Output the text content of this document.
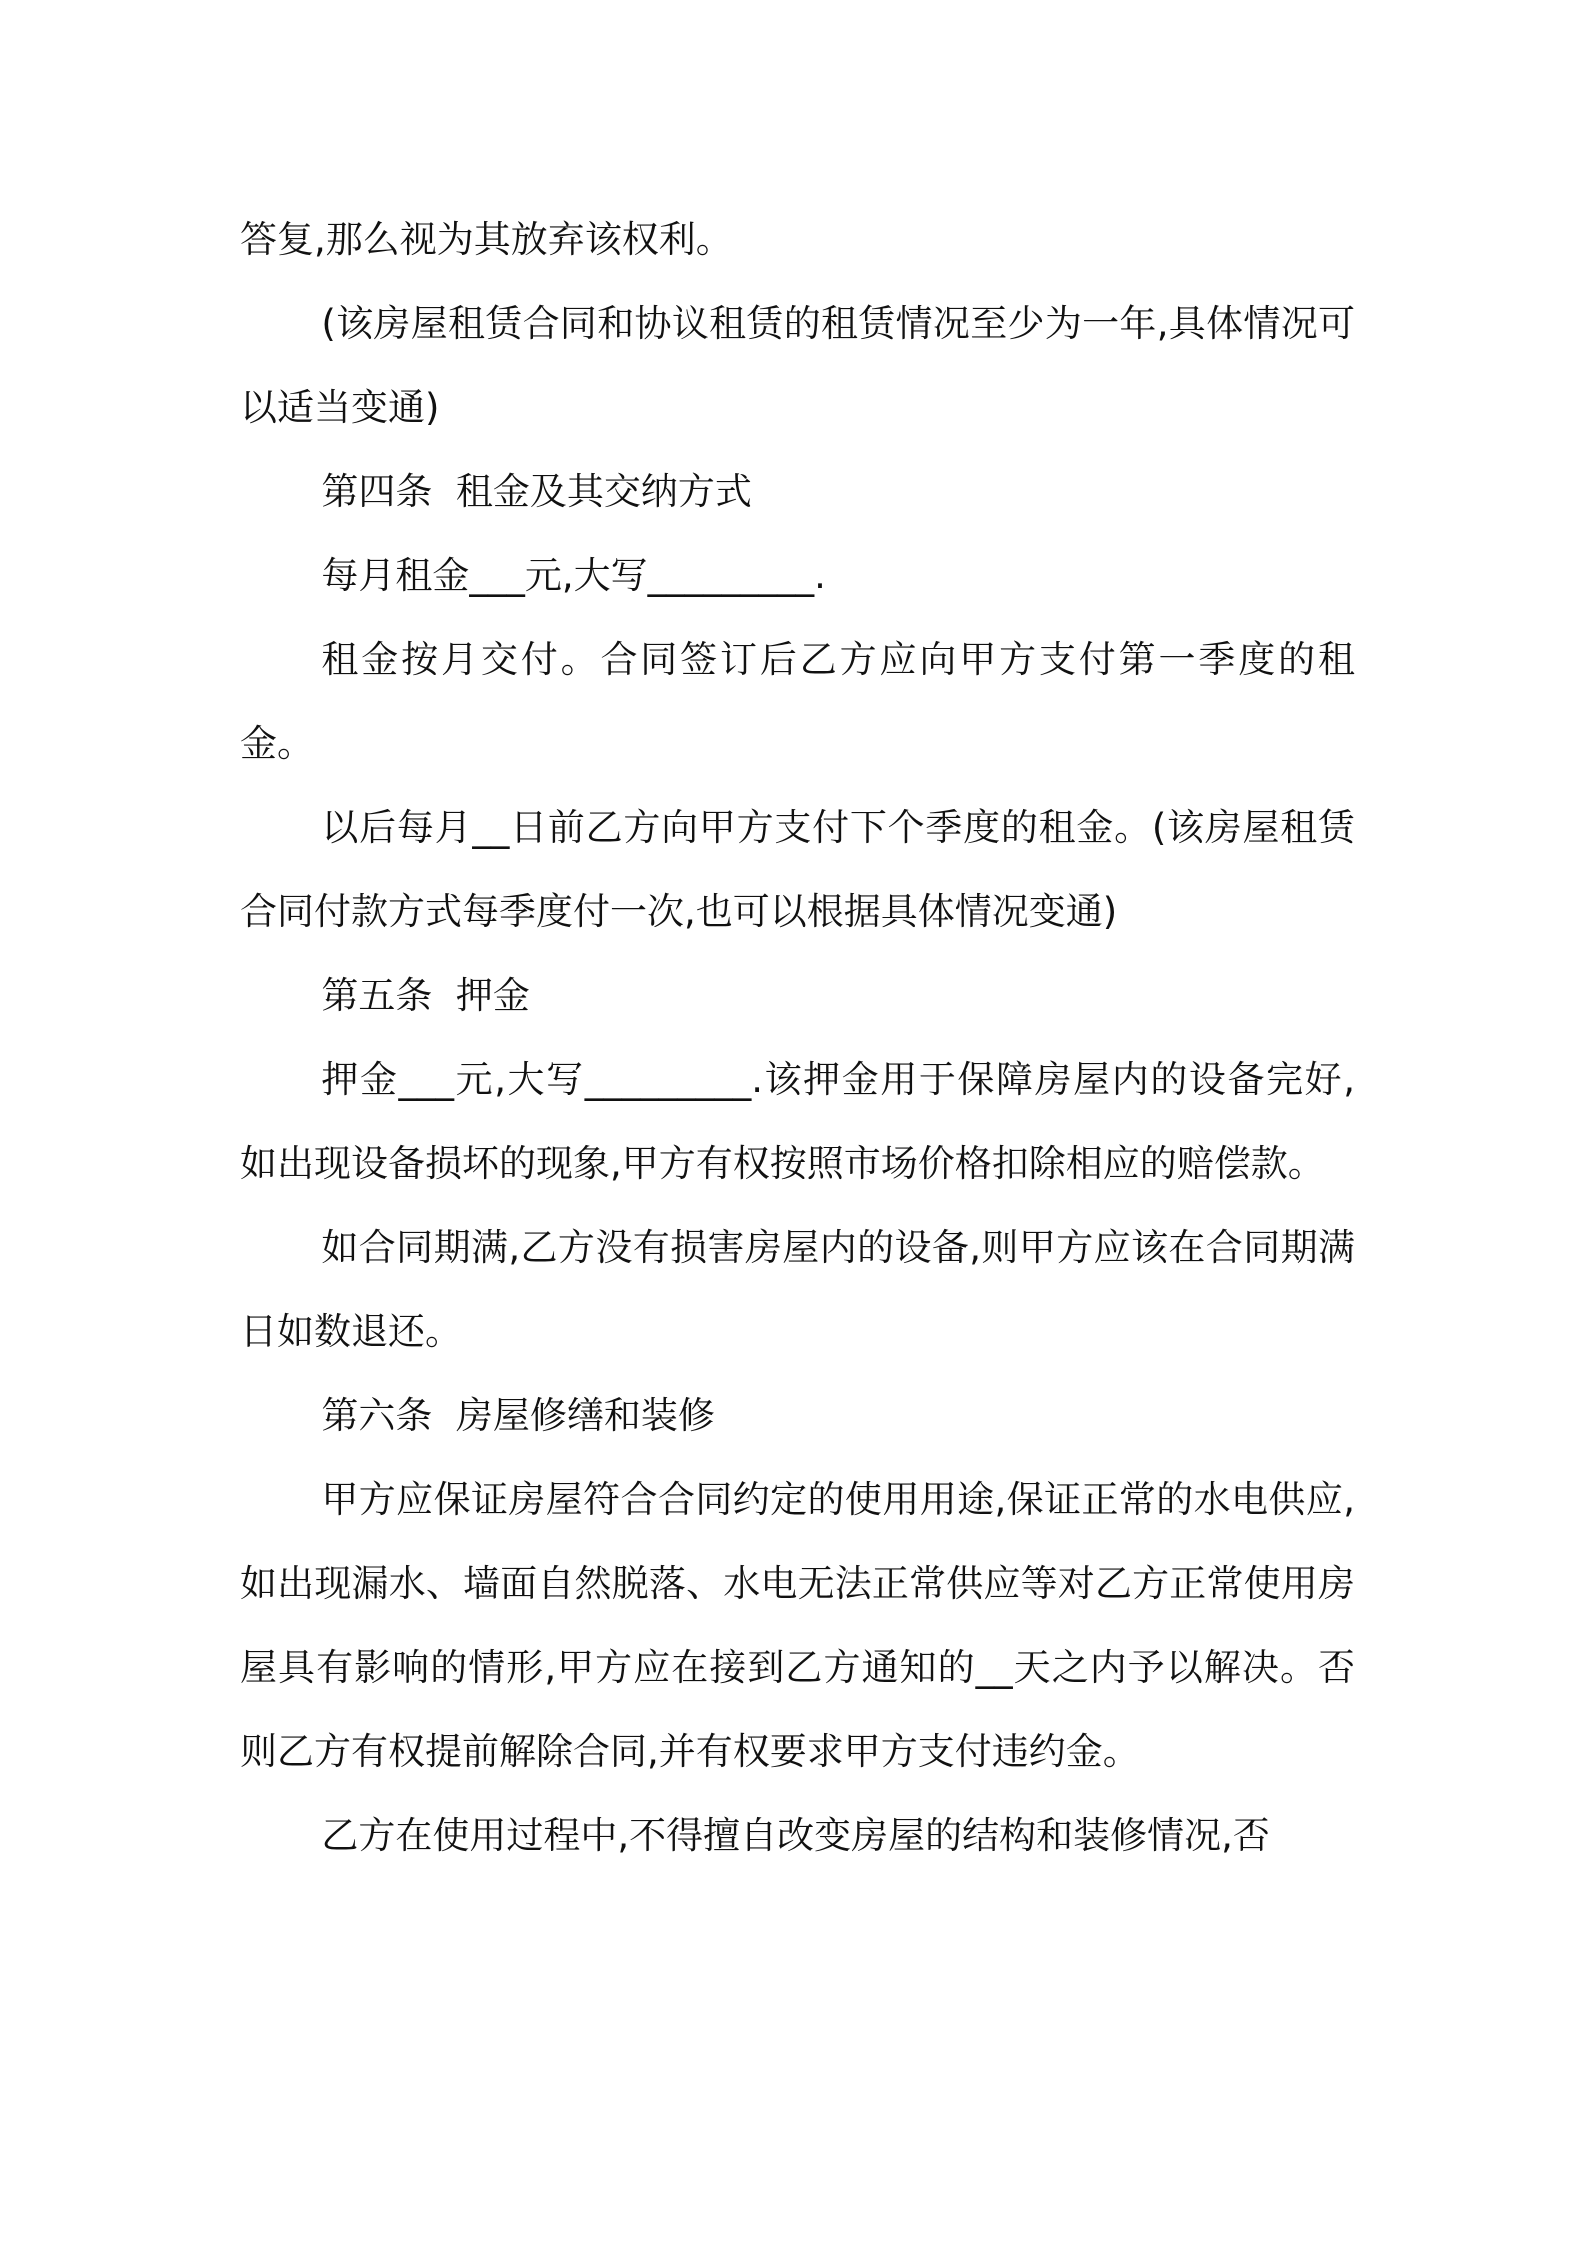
答复,那么视为其放弃该权利。

(该房屋租赁合同和协议租赁的租赁情况至少为一年,具体情况可以适当变通)

第四条  租金及其交纳方式

每月租金___元,大写_________.

租金按月交付。合同签订后乙方应向甲方支付第一季度的租金。

以后每月__日前乙方向甲方支付下个季度的租金。(该房屋租赁合同付款方式每季度付一次,也可以根据具体情况变通)

第五条  押金

押金___元,大写_________.该押金用于保障房屋内的设备完好,如出现设备损坏的现象,甲方有权按照市场价格扣除相应的赔偿款。

如合同期满,乙方没有损害房屋内的设备,则甲方应该在合同期满日如数退还。

第六条  房屋修缮和装修

甲方应保证房屋符合合同约定的使用用途,保证正常的水电供应,如出现漏水、墙面自然脱落、水电无法正常供应等对乙方正常使用房屋具有影响的情形,甲方应在接到乙方通知的__天之内予以解决。否则乙方有权提前解除合同,并有权要求甲方支付违约金。

乙方在使用过程中,不得擅自改变房屋的结构和装修情况,否
